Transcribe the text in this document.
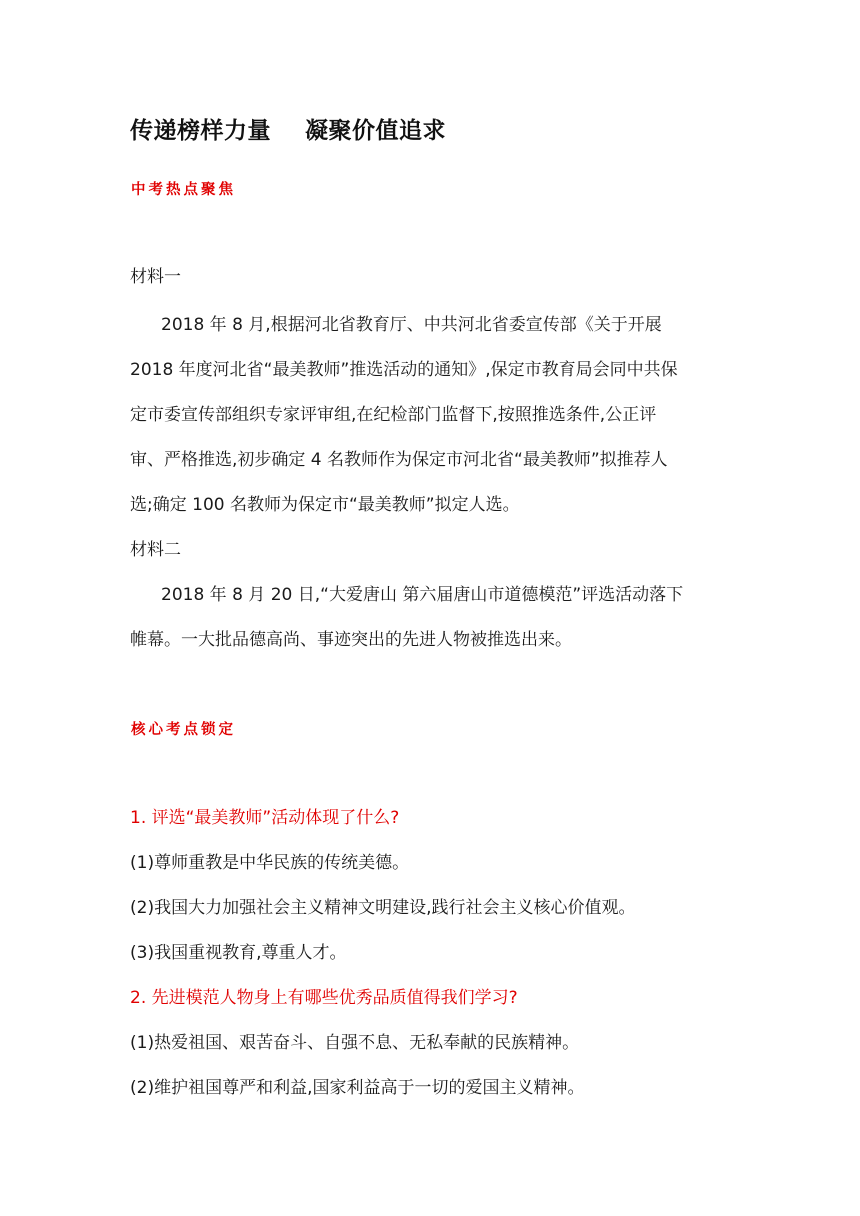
传递榜样力量    凝聚价值追求
中考热点聚焦
材料一
2018 年 8 月,根据河北省教育厅、中共河北省委宣传部《关于开展
2018 年度河北省“最美教师”推选活动的通知》,保定市教育局会同中共保
定市委宣传部组织专家评审组,在纪检部门监督下,按照推选条件,公正评
审、严格推选,初步确定 4 名教师作为保定市河北省“最美教师”拟推荐人
选;确定 100 名教师为保定市“最美教师”拟定人选。
材料二
2018 年 8 月 20 日,“大爱唐山 第六届唐山市道德模范”评选活动落下
帷幕。一大批品德高尚、事迹突出的先进人物被推选出来。
核心考点锁定
1. 评选“最美教师”活动体现了什么?
(1)尊师重教是中华民族的传统美德。
(2)我国大力加强社会主义精神文明建设,践行社会主义核心价值观。
(3)我国重视教育,尊重人才。
2. 先进模范人物身上有哪些优秀品质值得我们学习?
(1)热爱祖国、艰苦奋斗、自强不息、无私奉献的民族精神。
(2)维护祖国尊严和利益,国家利益高于一切的爱国主义精神。
